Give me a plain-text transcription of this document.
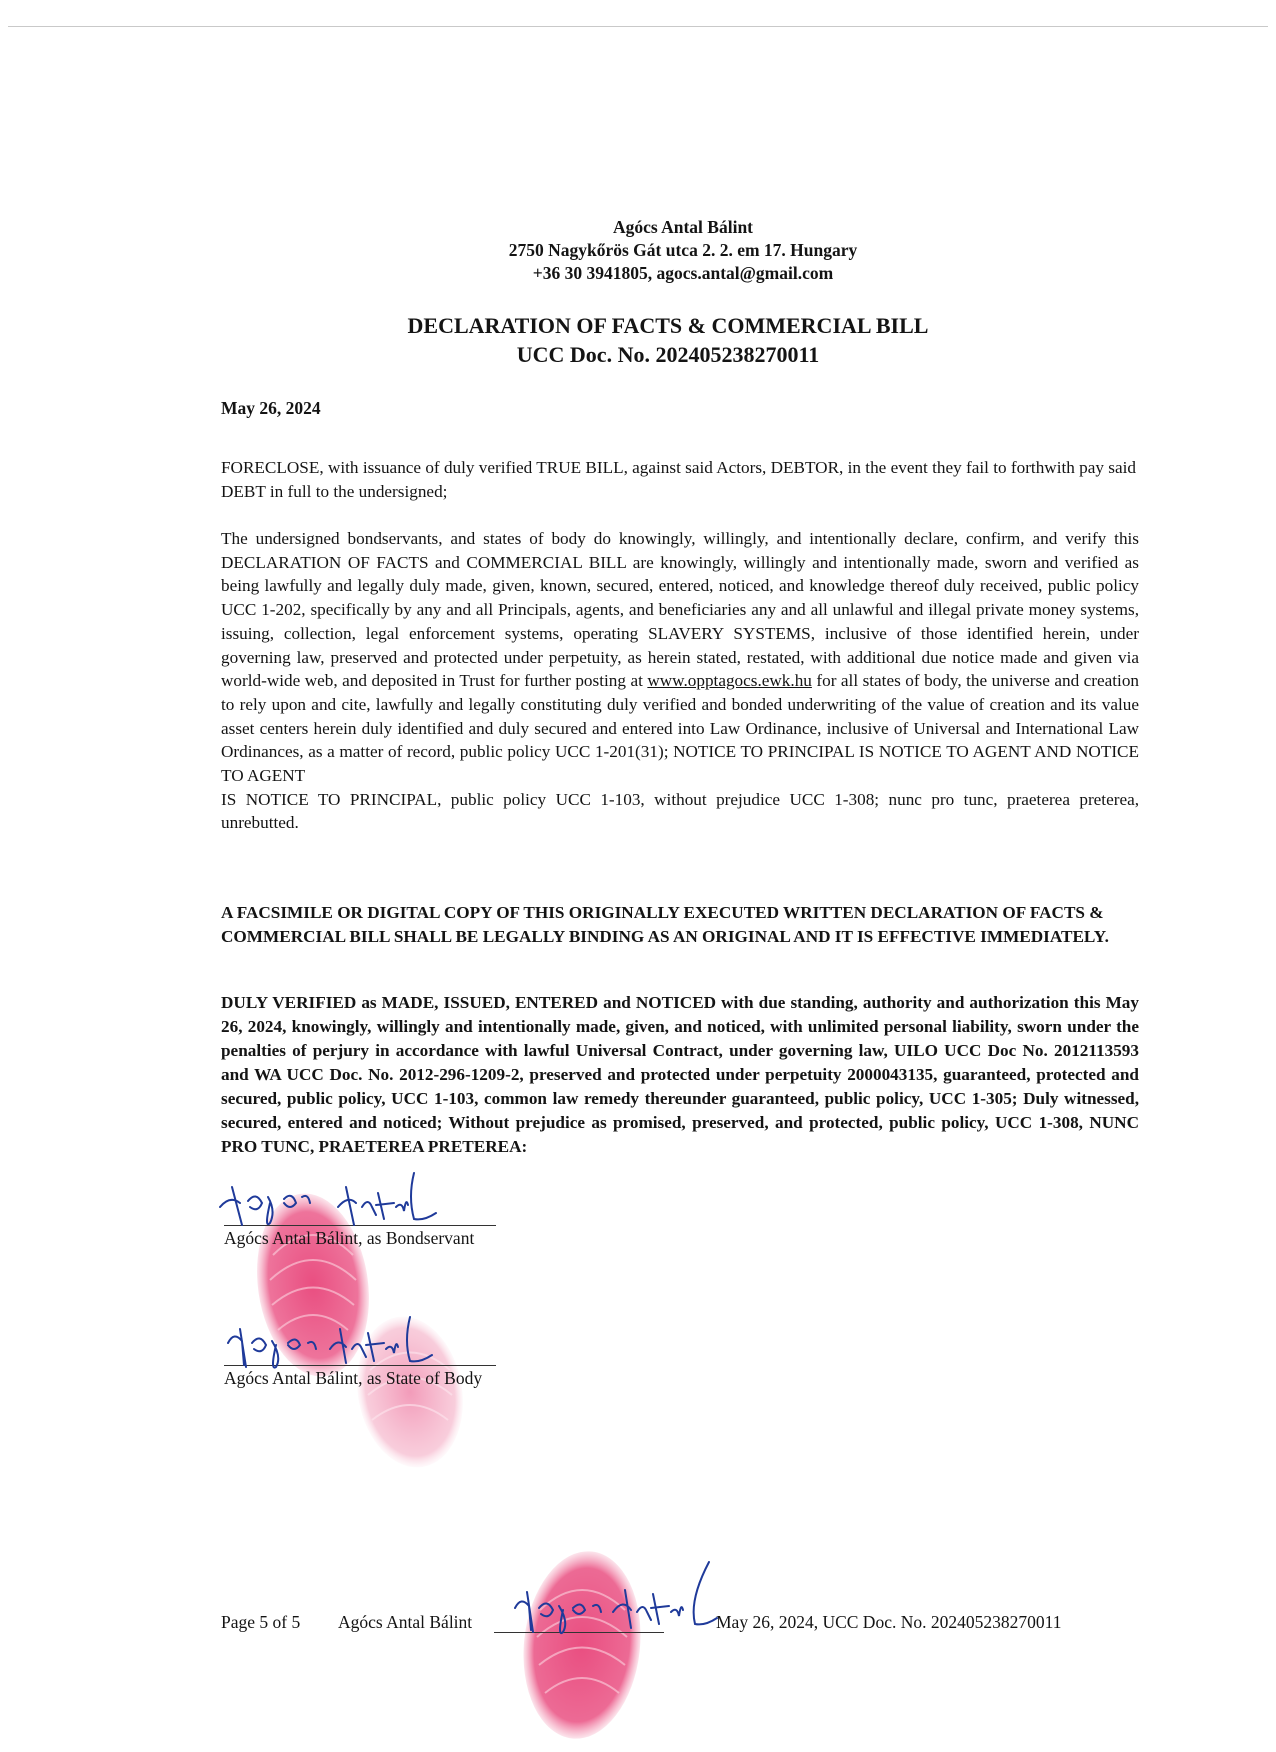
Agócs Antal Bálint
2750 Nagykőrös Gát utca 2. 2. em 17. Hungary
+36 30 3941805, agocs.antal@gmail.com
DECLARATION OF FACTS & COMMERCIAL BILL
UCC Doc. No. 202405238270011
May 26, 2024

FORECLOSE, with issuance of duly verified TRUE BILL, against said Actors, DEBTOR, in the event they fail to forthwith pay said DEBT in full to the undersigned;

The undersigned bondservants, and states of body do knowingly, willingly, and intentionally declare, confirm, and verify this DECLARATION OF FACTS and COMMERCIAL BILL are knowingly, willingly and intentionally made, sworn and verified as being lawfully and legally duly made, given, known, secured, entered, noticed, and knowledge thereof duly received, public policy UCC 1-202, specifically by any and all Principals, agents, and beneficiaries any and all unlawful and illegal private money systems, issuing, collection, legal enforcement systems, operating SLAVERY SYSTEMS, inclusive of those identified herein, under governing law, preserved and protected under perpetuity, as herein stated, restated, with additional due notice made and given via world-wide web, and deposited in Trust for further posting at www.opptagocs.ewk.hu for all states of body, the universe and creation to rely upon and cite, lawfully and legally constituting duly verified and bonded underwriting of the value of creation and its value asset centers herein duly identified and duly secured and entered into Law Ordinance, inclusive of Universal and International Law Ordinances, as a matter of record, public policy UCC 1-201(31); NOTICE TO PRINCIPAL IS NOTICE TO AGENT AND NOTICE TO AGENT

IS NOTICE TO PRINCIPAL, public policy UCC 1-103, without prejudice UCC 1-308; nunc pro tunc, praeterea preterea, unrebutted.

A FACSIMILE OR DIGITAL COPY OF THIS ORIGINALLY EXECUTED WRITTEN DECLARATION OF FACTS & COMMERCIAL BILL SHALL BE LEGALLY BINDING AS AN ORIGINAL AND IT IS EFFECTIVE IMMEDIATELY.

DULY VERIFIED as MADE, ISSUED, ENTERED and NOTICED with due standing, authority and authorization this May 26, 2024, knowingly, willingly and intentionally made, given, and noticed, with unlimited personal liability, sworn under the penalties of perjury in accordance with lawful Universal Contract, under governing law, UILO UCC Doc No. 2012113593 and WA UCC Doc. No. 2012-296-1209-2, preserved and protected under perpetuity 2000043135, guaranteed, protected and secured, public policy, UCC 1-103, common law remedy thereunder guaranteed, public policy, UCC 1-305; Duly witnessed, secured, entered and noticed; Without prejudice as promised, preserved, and protected, public policy, UCC 1-308, NUNC PRO TUNC, PRAETEREA PRETEREA:

Agócs Antal Bálint, as Bondservant
Agócs Antal Bálint, as State of Body
Page 5 of 5 Agócs Antal Bálint	May 26, 2024, UCC Doc. No. 202405238270011
